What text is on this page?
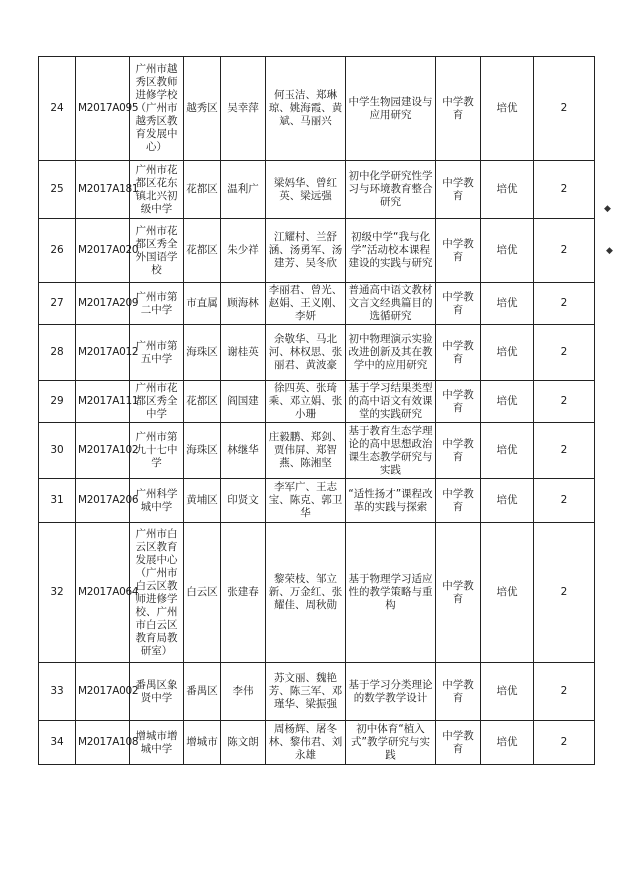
24	M2017A095	广州市越秀区教师进修学校（广州市越秀区教育发展中心）	越秀区	吴幸萍	何玉洁、郑琳琼、姚海霞、黄斌、马丽兴	中学生物园建设与应用研究	中学教育	培优	2
25	M2017A181	广州市花都区花东镇北兴初级中学	花都区	温利广	梁妈华、曾红英、梁远强	初中化学研究性学习与环境教育整合研究	中学教育	培优	2
26	M2017A020	广州市花都区秀全外国语学校	花都区	朱少祥	江耀村、兰舒涵、汤勇军、汤建芳、吴冬欣	初级中学“我与化学”活动校本课程建设的实践与研究	中学教育	培优	2
27	M2017A209	广州市第二中学	市直属	顾海林	李丽君、曾光、赵娟、王义刚、李妍	普通高中语文教材文言文经典篇目的选循研究	中学教育	培优	2
28	M2017A012	广州市第五中学	海珠区	谢桂英	余敬华、马北河、林权思、张丽君、黄波豪	初中物理演示实验改进创新及其在教学中的应用研究	中学教育	培优	2
29	M2017A111	广州市花都区秀全中学	花都区	阎国建	徐四英、张琦乘、邓立娟、张小珊	基于学习结果类型的高中语文有效课堂的实践研究	中学教育	培优	2
30	M2017A102	广州市第九十七中学	海珠区	林继华	庄毅鹏、郑剑、贾伟屏、郑智燕、陈湘坚	基于教育生态学理论的高中思想政治课生态教学研究与实践	中学教育	培优	2
31	M2017A206	广州科学城中学	黄埔区	印贤文	李军广、王志宝、陈克、郭卫华	“适性扬才”课程改革的实践与探索	中学教育	培优	2
32	M2017A064	广州市白云区教育发展中心（广州市白云区教师进修学校、广州市白云区教育局教研室）	白云区	张建春	黎荣枝、邹立新、万金红、张耀佳、周秋勋	基于物理学习适应性的教学策略与重构	中学教育	培优	2
33	M2017A002	番禺区象贤中学	番禺区	李伟	苏文丽、魏艳芳、陈三军、邓瑾华、梁振强	基于学习分类理论的数学教学设计	中学教育	培优	2
34	M2017A108	增城市增城中学	增城市	陈文朗	周杨辉、屠冬林、黎伟君、刘永雄	初中体育“植入式”教学研究与实践	中学教育	培优	2
◆
◆
